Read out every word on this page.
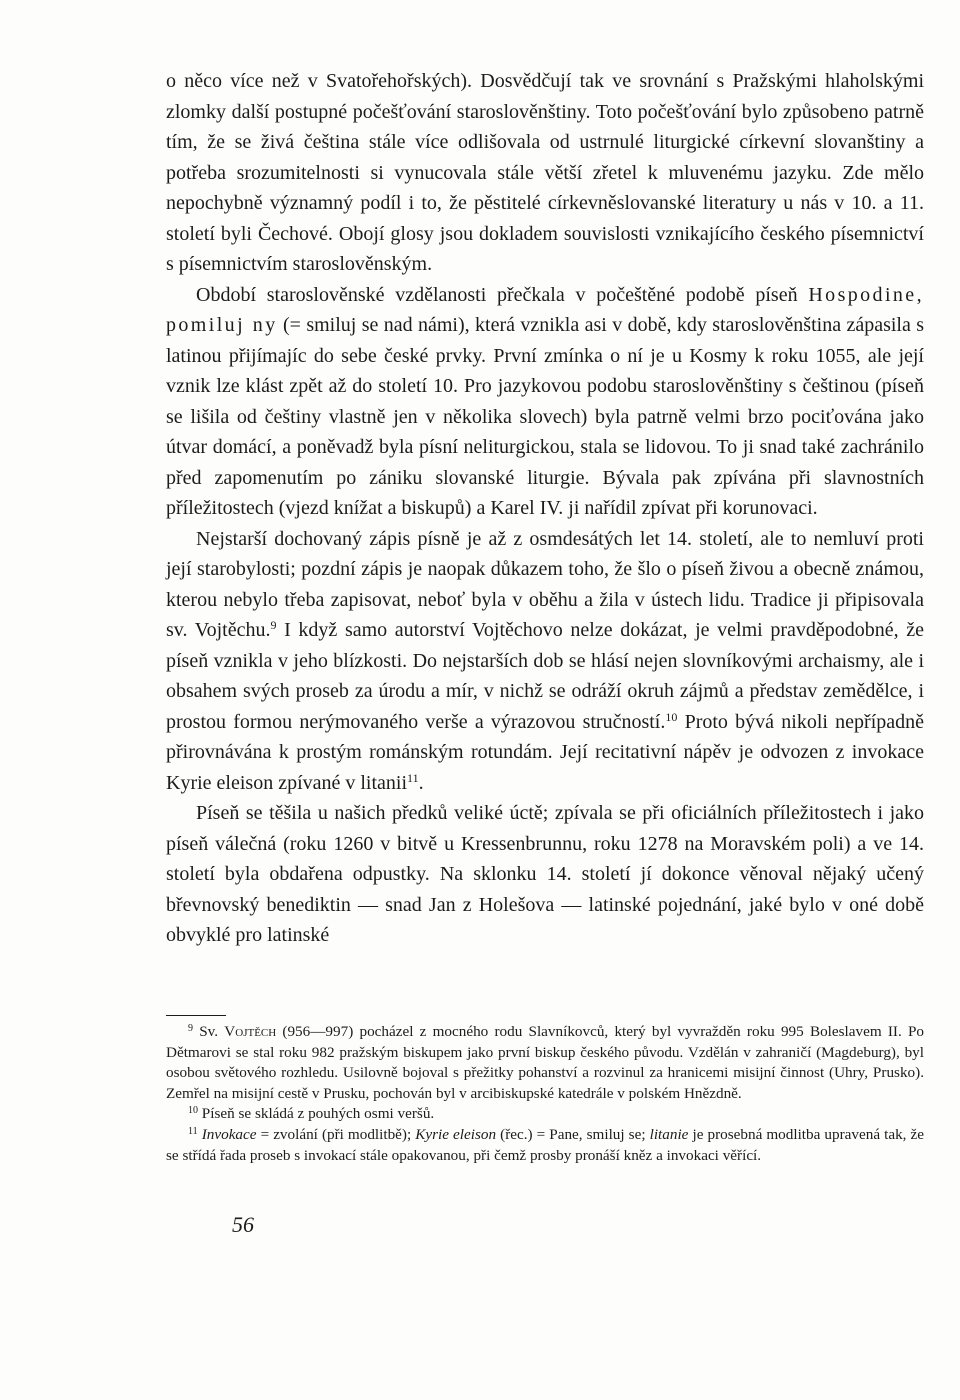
o něco více než v Svatořehořských). Dosvědčují tak ve srovnání s Pražskými hlaholskými zlomky další postupné počešťování staroslověnštiny. Toto počešťování bylo způsobeno patrně tím, že se živá čeština stále více odlišovala od ustrnulé liturgické církevní slovanštiny a potřeba srozumitelnosti si vynucovala stále větší zřetel k mluvenému jazyku. Zde mělo nepochybně významný podíl i to, že pěstitelé církevněslovanské literatury u nás v 10. a 11. století byli Čechové. Obojí glosy jsou dokladem souvislosti vznikajícího českého písemnictví s písemnictvím staroslověnským.

Období staroslověnské vzdělanosti přečkala v počeštěné podobě píseň Hospodine, pomiluj ny (= smiluj se nad námi), která vznikla asi v době, kdy staroslověnština zápasila s latinou přijímajíc do sebe české prvky. První zmínka o ní je u Kosmy k roku 1055, ale její vznik lze klást zpět až do století 10. Pro jazykovou podobu staroslověnštiny s češtinou (píseň se lišila od češtiny vlastně jen v několika slovech) byla patrně velmi brzo pociťována jako útvar domácí, a poněvadž byla písní neliturgickou, stala se lidovou. To ji snad také zachránilo před zapomenutím po zániku slovanské liturgie. Bývala pak zpívána při slavnostních příležitostech (vjezd knížat a biskupů) a Karel IV. ji nařídil zpívat při korunovaci.

Nejstarší dochovaný zápis písně je až z osmdesátých let 14. století, ale to nemluví proti její starobylosti; pozdní zápis je naopak důkazem toho, že šlo o píseň živou a obecně známou, kterou nebylo třeba zapisovat, neboť byla v oběhu a žila v ústech lidu. Tradice ji připisovala sv. Vojtěchu.$^9$ I když samo autorství Vojtěchovo nelze dokázat, je velmi pravděpodobné, že píseň vznikla v jeho blízkosti. Do nejstarších dob se hlásí nejen slovníkovými archaismy, ale i obsahem svých proseb za úrodu a mír, v nichž se odráží okruh zájmů a představ zemědělce, i prostou formou nerýmovaného verše a výrazovou stručností.$^{10}$ Proto bývá nikoli nepřípadně přirovnávána k prostým románským rotundám. Její recitativní nápěv je odvozen z invokace Kyrie eleison zpívané v litanii$^{11}$.

Píseň se těšila u našich předků veliké úctě; zpívala se při oficiálních příležitostech i jako píseň válečná (roku 1260 v bitvě u Kressenbrunnu, roku 1278 na Moravském poli) a ve 14. století byla obdařena odpustky. Na sklonku 14. století jí dokonce věnoval nějaký učený břevnovský benediktin — snad Jan z Holešova — latinské pojednání, jaké bylo v oné době obvyklé pro latinské

$^9$ Sv. Vojtěch (956—997) pocházel z mocného rodu Slavníkovců, který byl vyvražděn roku 995 Boleslavem II. Po Dětmarovi se stal roku 982 pražským biskupem jako první biskup českého původu. Vzdělán v zahraničí (Magdeburg), byl osobou světového rozhledu. Usilovně bojoval s přežitky pohanství a rozvinul za hranicemi misijní činnost (Uhry, Prusko). Zemřel na misijní cestě v Prusku, pochován byl v arcibiskupské katedrále v polském Hnězdně.

$^{10}$ Píseň se skládá z pouhých osmi veršů.

$^{11}$ Invokace = zvolání (při modlitbě); Kyrie eleison (řec.) = Pane, smiluj se; litanie je prosebná modlitba upravená tak, že se střídá řada proseb s invokací stále opakovanou, při čemž prosby pronáší kněz a invokaci věřící.

56
